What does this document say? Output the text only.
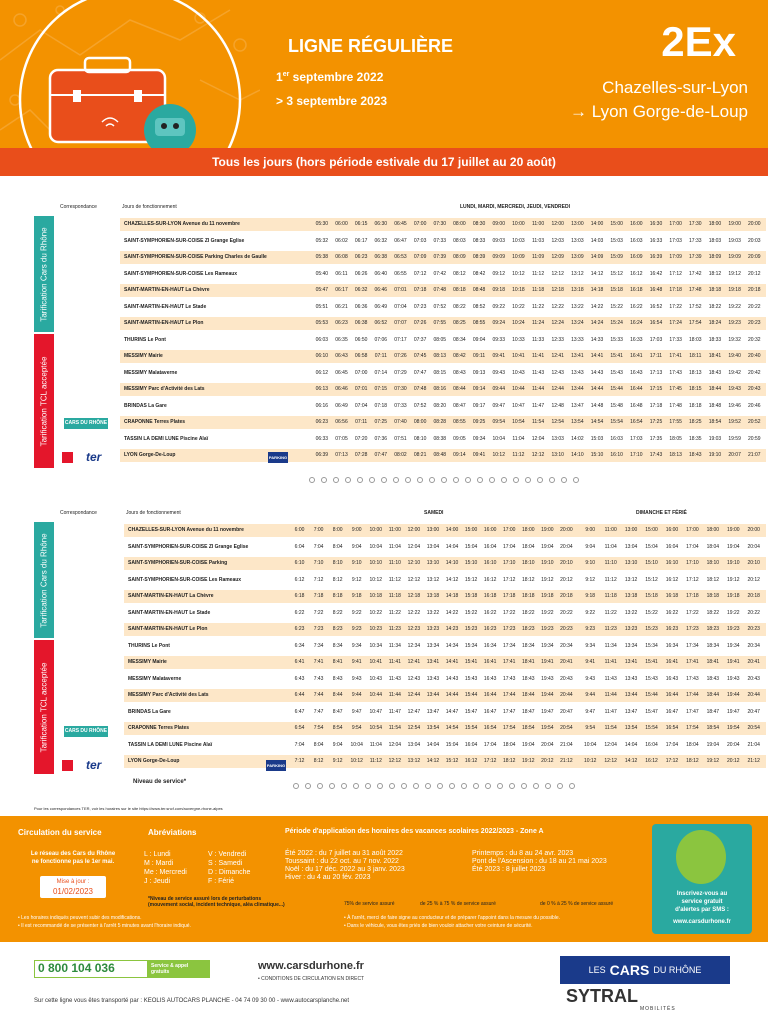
LIGNE RÉGULIÈRE
1er septembre 2022
> 3 septembre 2023
2Ex
Chazelles-sur-Lyon
→ Lyon Gorge-de-Loup
Tous les jours (hors période estivale du 17 juillet au 20 août)
Correspondance	Jours de fonctionnement	LUNDI, MARDI, MERCREDI, JEUDI, VENDREDI
Tarification Cars du Rhône
Tarification TCL acceptée
CHAZELLES-SUR-LYON Avenue du 11 novembre	05:30	06:00	06:15	06:30	06:45	07:00	07:30	08:00	08:30	09:00	10:00	11:00	12:00	13:00	14:00	15:00	16:00	16:30	17:00	17:30	18:00	19:00	20:00
SAINT-SYMPHORIEN-SUR-COISE ZI Grange Eglise	05:32	06:02	06:17	06:32	06:47	07:03	07:33	08:03	08:33	09:03	10:03	11:03	12:03	13:03	14:03	15:03	16:03	16:33	17:03	17:33	18:03	19:03	20:03
SAINT-SYMPHORIEN-SUR-COISE Parking Charles de Gaulle	05:38	06:08	06:23	06:38	06:53	07:09	07:39	08:09	08:39	09:09	10:09	11:09	12:09	13:09	14:09	15:09	16:09	16:39	17:09	17:39	18:09	19:09	20:09
SAINT-SYMPHORIEN-SUR-COISE Les Rameaux	05:40	06:11	06:26	06:40	06:55	07:12	07:42	08:12	08:42	09:12	10:12	11:12	12:12	13:12	14:12	15:12	16:12	16:42	17:12	17:42	18:12	19:12	20:12
SAINT-MARTIN-EN-HAUT La Chèvre	05:47	06:17	06:32	06:46	07:01	07:18	07:48	08:18	08:48	09:18	10:18	11:18	12:18	13:18	14:18	15:18	16:18	16:48	17:18	17:48	18:18	19:18	20:18
SAINT-MARTIN-EN-HAUT Le Stade	05:51	06:21	06:36	06:49	07:04	07:23	07:52	08:22	08:52	09:22	10:22	11:22	12:22	13:22	14:22	15:22	16:22	16:52	17:22	17:52	18:22	19:22	20:22
SAINT-MARTIN-EN-HAUT Le Plon	05:53	06:23	06:38	06:52	07:07	07:26	07:55	08:25	08:55	09:24	10:24	11:24	12:24	13:24	14:24	15:24	16:24	16:54	17:24	17:54	18:24	19:23	20:23
THURINS Le Pont	06:03	06:35	06:50	07:06	07:17	07:37	08:05	08:34	09:04	09:33	10:33	11:33	12:33	13:33	14:33	15:33	16:33	17:03	17:33	18:03	18:33	19:32	20:32
MESSIMY Mairie	06:10	06:43	06:58	07:11	07:26	07:45	08:13	08:42	09:11	09:41	10:41	11:41	12:41	13:41	14:41	15:41	16:41	17:11	17:41	18:11	18:41	19:40	20:40
MESSIMY Malataverne	06:12	06:45	07:00	07:14	07:29	07:47	08:15	08:43	09:13	09:43	10:43	11:43	12:43	13:43	14:43	15:43	16:43	17:13	17:43	18:13	18:43	19:42	20:42
MESSIMY Parc d'Activité des Lats	06:13	06:46	07:01	07:15	07:30	07:48	08:16	08:44	09:14	09:44	10:44	11:44	12:44	13:44	14:44	15:44	16:44	17:15	17:45	18:15	18:44	19:43	20:43
BRINDAS La Gare	06:16	06:49	07:04	07:18	07:33	07:52	08:20	08:47	09:17	09:47	10:47	11:47	12:48	13:47	14:48	15:48	16:48	17:18	17:48	18:18	18:48	19:46	20:46
CRAPONNE Terres Plates	06:23	06:56	07:11	07:25	07:40	08:00	08:28	08:55	09:25	09:54	10:54	11:54	12:54	13:54	14:54	15:54	16:54	17:25	17:55	18:25	18:54	19:52	20:52
TASSIN LA DEMI LUNE Piscine Alaï	06:33	07:05	07:20	07:36	07:51	08:10	08:38	09:05	09:34	10:04	11:04	12:04	13:03	14:02	15:03	16:03	17:03	17:35	18:05	18:35	19:03	19:59	20:59
LYON Gorge-De-Loup	06:39	07:13	07:28	07:47	08:02	08:21	08:48	09:14	09:41	10:12	11:12	12:12	13:10	14:10	15:10	16:10	17:10	17:43	18:13	18:43	19:10	20:07	21:07
CARS DU RHÔNE
ter	PARKING
Correspondance	Jours de fonctionnement	SAMEDI	DIMANCHE ET FÉRIÉ
Tarification Cars du Rhône
Tarification TCL acceptée
CHAZELLES-SUR-LYON Avenue du 11 novembre	6:00	7:00	8:00	9:00	10:00	11:00	12:00	13:00	14:00	15:00	16:00	17:00	18:00	19:00	20:00	9:00	11:00	13:00	15:00	16:00	17:00	18:00	19:00	20:00
SAINT-SYMPHORIEN-SUR-COISE ZI Grange Eglise	6:04	7:04	8:04	9:04	10:04	11:04	12:04	13:04	14:04	15:04	16:04	17:04	18:04	19:04	20:04	9:04	11:04	13:04	15:04	16:04	17:04	18:04	19:04	20:04
SAINT-SYMPHORIEN-SUR-COISE Parking	6:10	7:10	8:10	9:10	10:10	11:10	12:10	13:10	14:10	15:10	16:10	17:10	18:10	19:10	20:10	9:10	11:10	13:10	15:10	16:10	17:10	18:10	19:10	20:10
SAINT-SYMPHORIEN-SUR-COISE Les Rameaux	6:12	7:12	8:12	9:12	10:12	11:12	12:12	13:12	14:12	15:12	16:12	17:12	18:12	19:12	20:12	9:12	11:12	13:12	15:12	16:12	17:12	18:12	19:12	20:12
SAINT-MARTIN-EN-HAUT La Chèvre	6:18	7:18	8:18	9:18	10:18	11:18	12:18	13:18	14:18	15:18	16:18	17:18	18:18	19:18	20:18	9:18	11:18	13:18	15:18	16:18	17:18	18:18	19:18	20:18
SAINT-MARTIN-EN-HAUT Le Stade	6:22	7:22	8:22	9:22	10:22	11:22	12:22	13:22	14:22	15:22	16:22	17:22	18:22	19:22	20:22	9:22	11:22	13:22	15:22	16:22	17:22	18:22	19:22	20:22
SAINT-MARTIN-EN-HAUT Le Plon	6:23	7:23	8:23	9:23	10:23	11:23	12:23	13:23	14:23	15:23	16:23	17:23	18:23	19:23	20:23	9:23	11:23	13:23	15:23	16:23	17:23	18:23	19:23	20:23
THURINS Le Pont	6:34	7:34	8:34	9:34	10:34	11:34	12:34	13:34	14:34	15:34	16:34	17:34	18:34	19:34	20:34	9:34	11:34	13:34	15:34	16:34	17:34	18:34	19:34	20:34
MESSIMY Mairie	6:41	7:41	8:41	9:41	10:41	11:41	12:41	13:41	14:41	15:41	16:41	17:41	18:41	19:41	20:41	9:41	11:41	13:41	15:41	16:41	17:41	18:41	19:41	20:41
MESSIMY Malataverne	6:43	7:43	8:43	9:43	10:43	11:43	12:43	13:43	14:43	15:43	16:43	17:43	18:43	19:43	20:43	9:43	11:43	13:43	15:43	16:43	17:43	18:43	19:43	20:43
MESSIMY Parc d'Activité des Lats	6:44	7:44	8:44	9:44	10:44	11:44	12:44	13:44	14:44	15:44	16:44	17:44	18:44	19:44	20:44	9:44	11:44	13:44	15:44	16:44	17:44	18:44	19:44	20:44
BRINDAS La Gare	6:47	7:47	8:47	9:47	10:47	11:47	12:47	13:47	14:47	15:47	16:47	17:47	18:47	19:47	20:47	9:47	11:47	13:47	15:47	16:47	17:47	18:47	19:47	20:47
CRAPONNE Terres Plates	6:54	7:54	8:54	9:54	10:54	11:54	12:54	13:54	14:54	15:54	16:54	17:54	18:54	19:54	20:54	9:54	11:54	13:54	15:54	16:54	17:54	18:54	19:54	20:54
TASSIN LA DEMI LUNE Piscine Alaï	7:04	8:04	9:04	10:04	11:04	12:04	13:04	14:04	15:04	16:04	17:04	18:04	19:04	20:04	21:04	10:04	12:04	14:04	16:04	17:04	18:04	19:04	20:04	21:04
LYON Gorge-De-Loup	7:12	8:12	9:12	10:12	11:12	12:12	13:12	14:12	15:12	16:12	17:12	18:12	19:12	20:12	21:12	10:12	12:12	14:12	16:12	17:12	18:12	19:12	20:12	21:12
CARS DU RHÔNE
ter	PARKING
Niveau de service*
Pour les correspondances TER, voir les horaires sur le site https://www.ter.sncf.com/auvergne-rhone-alpes
Circulation du service
Le réseau des Cars du Rhône
ne fonctionne pas le 1er mai.
Mise à jour :
01/02/2023
Abréviations
L : Lundi
M : Mardi
Me : Mercredi
J : Jeudi
V : Vendredi
S : Samedi
D : Dimanche
F : Férié
Période d'application des horaires des vacances scolaires 2022/2023 - Zone A
Été 2022 : du 7 juillet au 31 août 2022
Toussaint : du 22 oct. au 7 nov. 2022
Noël : du 17 déc. 2022 au 3 janv. 2023
Hiver : du 4 au 20 fév. 2023
Printemps : du 8 au 24 avr. 2023
Pont de l'Ascension : du 18 au 21 mai 2023
Été 2023 : 8 juillet 2023
*Niveau de service assuré lors de perturbations
(mouvement social, incident technique, aléa climatique...)	75% de service assuré	de 25 % à 75 % de service assuré	de 0 % à 25 % de service assuré
• Les horaires indiqués peuvent subir des modifications.
• Il est recommandé de se présenter à l'arrêt 5 minutes avant l'horaire indiqué.
• À l'arrêt, merci de faire signe au conducteur et de préparer l'appoint dans la mesure du possible.
• Dans le véhicule, vous êtes priés de bien vouloir attacher votre ceinture de sécurité.
Inscrivez-vous au
service gratuit
d'alertes par SMS :
www.carsdurhone.fr
0 800 104 036	Service & appel
gratuits	www.carsdurhone.fr
• CONDITIONS DE CIRCULATION EN DIRECT
Sur cette ligne vous êtes transporté par : KEOLIS AUTOCARS PLANCHE - 04 74 09 30 00 - www.autocarsplanche.net
LES CARS DU RHÔNE
SYTRAL
MOBILITÉS
